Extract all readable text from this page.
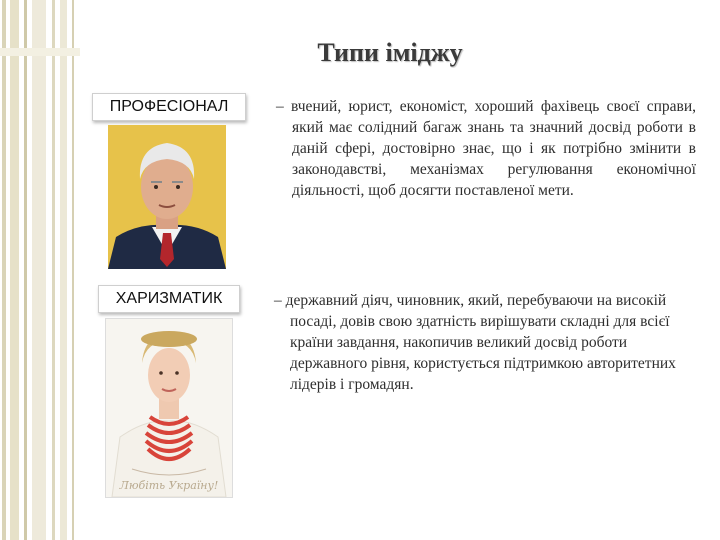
Типи іміджу
ПРОФЕСІОНАЛ	– вчений, юрист, економіст, хороший фахівець своєї справи, який має солідний багаж знань та значний досвід роботи в даній сфері, достовірно знає, що і як потрібно змінити в законодавстві, механізмах регулювання економічної діяльності, щоб досягти поставленої мети.
ХАРИЗМАТИК
Любіть Україну!
– державний діяч, чиновник, який, перебуваючи на високій посаді, довів свою здатність вирішувати складні для всієї країни завдання, накопичив великий досвід роботи державного рівня, користується підтримкою авторитетних лідерів і громадян.
